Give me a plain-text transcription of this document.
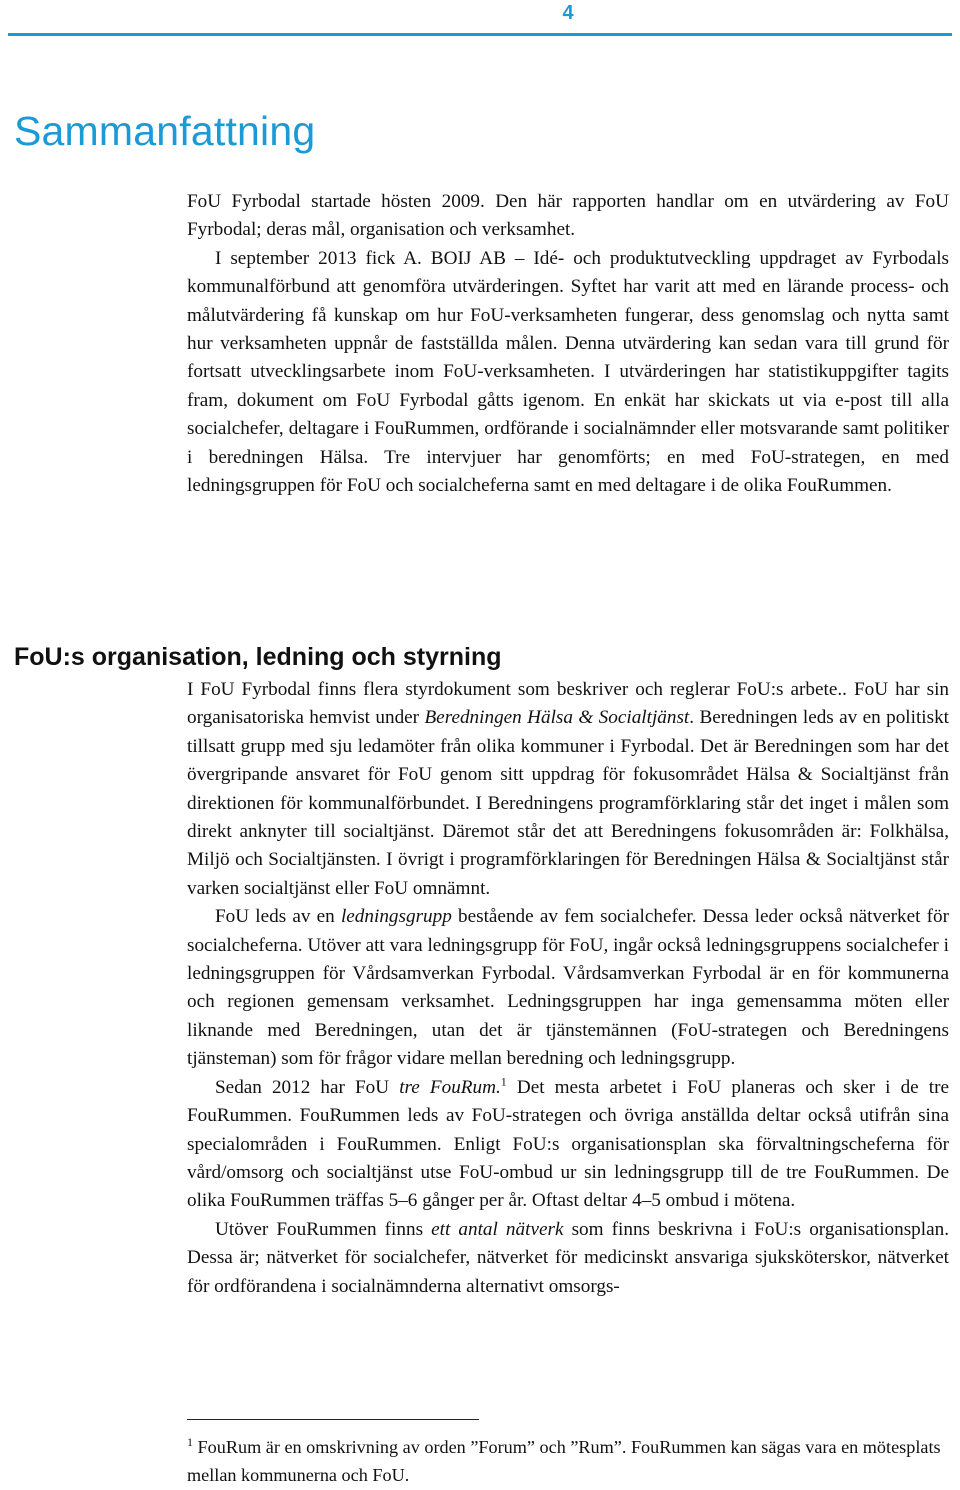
4
Sammanfattning

FoU Fyrbodal startade hösten 2009. Den här rapporten handlar om en utvärdering av FoU Fyrbodal; deras mål, organisation och verksamhet.

I september 2013 fick A. BOIJ AB – Idé- och produktutveckling uppdraget av Fyrbodals kommunalförbund att genomföra utvärderingen. Syftet har varit att med en lärande process- och målutvärdering få kunskap om hur FoU-verksamheten fungerar, dess genomslag och nytta samt hur verksamheten uppnår de fastställda målen. Denna utvärdering kan sedan vara till grund för fortsatt utvecklingsarbete inom FoU-verksamheten. I utvärderingen har statistikuppgifter tagits fram, dokument om FoU Fyrbodal gåtts igenom. En enkät har skickats ut via e-post till alla socialchefer, deltagare i FouRummen, ordförande i socialnämnder eller motsvarande samt politiker i beredningen Hälsa. Tre intervjuer har genomförts; en med FoU-strategen, en med ledningsgruppen för FoU och socialcheferna samt en med deltagare i de olika FouRummen.

FoU:s organisation, ledning och styrning

I FoU Fyrbodal finns flera styrdokument som beskriver och reglerar FoU:s arbete.. FoU har sin organisatoriska hemvist under Beredningen Hälsa & Socialtjänst. Beredningen leds av en politiskt tillsatt grupp med sju ledamöter från olika kommuner i Fyrbodal. Det är Beredningen som har det övergripande ansvaret för FoU genom sitt uppdrag för fokusområdet Hälsa & Socialtjänst från direktionen för kommunalförbundet. I Beredningens programförklaring står det inget i målen som direkt anknyter till socialtjänst. Däremot står det att Beredningens fokusområden är: Folkhälsa, Miljö och Socialtjänsten. I övrigt i programförklaringen för Beredningen Hälsa & Socialtjänst står varken socialtjänst eller FoU omnämnt.

FoU leds av en ledningsgrupp bestående av fem socialchefer. Dessa leder också nätverket för socialcheferna. Utöver att vara ledningsgrupp för FoU, ingår också ledningsgruppens socialchefer i ledningsgruppen för Vårdsamverkan Fyrbodal. Vårdsamverkan Fyrbodal är en för kommunerna och regionen gemensam verksamhet. Ledningsgruppen har inga gemensamma möten eller liknande med Beredningen, utan det är tjänstemännen (FoU-strategen och Beredningens tjänsteman) som för frågor vidare mellan beredning och ledningsgrupp.

Sedan 2012 har FoU tre FouRum.$^1$ Det mesta arbetet i FoU planeras och sker i de tre FouRummen. FouRummen leds av FoU-strategen och övriga anställda deltar också utifrån sina specialområden i FouRummen. Enligt FoU:s organisationsplan ska förvaltningscheferna för vård/omsorg och socialtjänst utse FoU-ombud ur sin ledningsgrupp till de tre FouRummen. De olika FouRummen träffas 5–6 gånger per år. Oftast deltar 4–5 ombud i mötena.

Utöver FouRummen finns ett antal nätverk som finns beskrivna i FoU:s organisationsplan. Dessa är; nätverket för socialchefer, nätverket för medicinskt ansvariga sjuksköterskor, nätverket för ordförandena i socialnämnderna alternativt omsorgs-

$^1$ FouRum är en omskrivning av orden ”Forum” och ”Rum”. FouRummen kan sägas vara en mötesplats mellan kommunerna och FoU.
